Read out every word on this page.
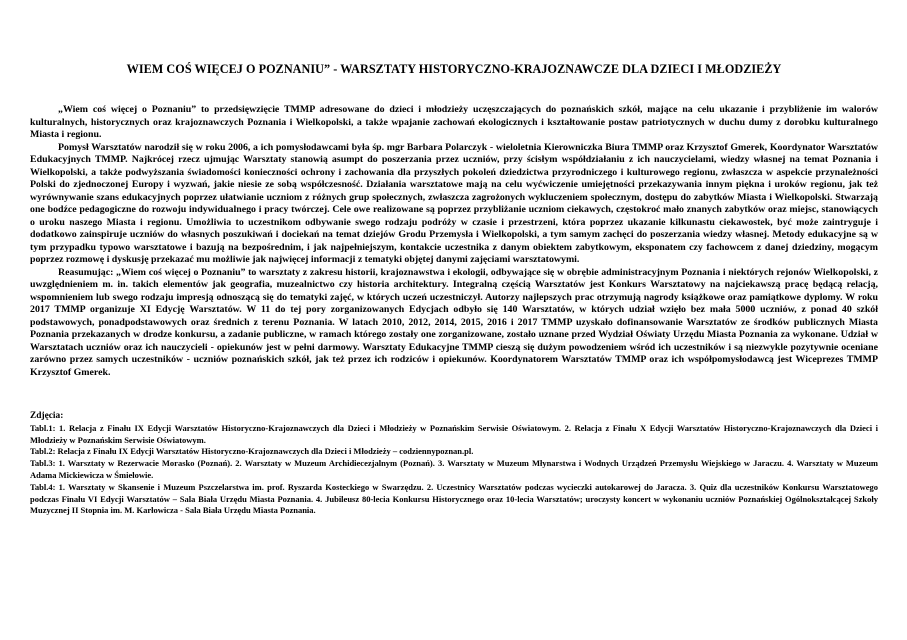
WIEM COŚ WIĘCEJ O POZNANIU” - WARSZTATY HISTORYCZNO-KRAJOZNAWCZE DLA DZIECI I MŁODZIEŻY

„Wiem coś więcej o Poznaniu” to przedsięwzięcie TMMP adresowane do dzieci i młodzieży uczęszczających do poznańskich szkół, mające na celu ukazanie i przybliżenie im walorów kulturalnych, historycznych oraz krajoznawczych Poznania i Wielkopolski, a także wpajanie zachowań ekologicznych i kształtowanie postaw patriotycznych w duchu dumy z dorobku kulturalnego Miasta i regionu.

Pomysł Warsztatów narodził się w roku 2006, a ich pomysłodawcami była śp. mgr Barbara Polarczyk - wieloletnia Kierowniczka Biura TMMP oraz Krzysztof Gmerek, Koordynator Warsztatów Edukacyjnych TMMP. Najkrócej rzecz ujmując Warsztaty stanowią asumpt do poszerzania przez uczniów, przy ścisłym współdziałaniu z ich nauczycielami, wiedzy własnej na temat Poznania i Wielkopolski, a także podwyższania świadomości konieczności ochrony i zachowania dla przyszłych pokoleń dziedzictwa przyrodniczego i kulturowego regionu, zwłaszcza w aspekcie przynależności Polski do zjednoczonej Europy i wyzwań, jakie niesie ze sobą współczesność. Działania warsztatowe mają na celu wyćwiczenie umiejętności przekazywania innym piękna i uroków regionu, jak też wyrównywanie szans edukacyjnych poprzez ułatwianie uczniom z różnych grup społecznych, zwłaszcza zagrożonych wykluczeniem społecznym, dostępu do zabytków Miasta i Wielkopolski. Stwarzają one bodźce pedagogiczne do rozwoju indywidualnego i pracy twórczej. Cele owe realizowane są poprzez przybliżanie uczniom ciekawych, częstokroć mało znanych zabytków oraz miejsc, stanowiących o uroku naszego Miasta i regionu. Umożliwia to uczestnikom odbywanie swego rodzaju podróży w czasie i przestrzeni, która poprzez ukazanie kilkunastu ciekawostek, być może zaintryguje i dodatkowo zainspiruje uczniów do własnych poszukiwań i dociekań na temat dziejów Grodu Przemysła i Wielkopolski, a tym samym zachęci do poszerzania wiedzy własnej. Metody edukacyjne są w tym przypadku typowo warsztatowe i bazują na bezpośrednim, i jak najpełniejszym, kontakcie uczestnika z danym obiektem zabytkowym, eksponatem czy fachowcem z danej dziedziny, mogącym poprzez rozmowę i dyskusję przekazać mu możliwie jak najwięcej informacji z tematyki objętej danymi zajęciami warsztatowymi.

Reasumując: „Wiem coś więcej o Poznaniu” to warsztaty z zakresu historii, krajoznawstwa i ekologii, odbywające się w obrębie administracyjnym Poznania i niektórych rejonów Wielkopolski, z uwzględnieniem m. in. takich elementów jak geografia, muzealnictwo czy historia architektury. Integralną częścią Warsztatów jest Konkurs Warsztatowy na najciekawszą pracę będącą relacją, wspomnieniem lub swego rodzaju impresją odnoszącą się do tematyki zajęć, w których uczeń uczestniczył. Autorzy najlepszych prac otrzymują nagrody książkowe oraz pamiątkowe dyplomy. W roku 2017 TMMP organizuje XI Edycję Warsztatów. W 11 do tej pory zorganizowanych Edycjach odbyło się 140 Warsztatów, w których udział wzięło bez mała 5000 uczniów, z ponad 40 szkół podstawowych, ponadpodstawowych oraz średnich z terenu Poznania. W latach 2010, 2012, 2014, 2015, 2016 i 2017 TMMP uzyskało dofinansowanie Warsztatów ze środków publicznych Miasta Poznania przekazanych w drodze konkursu, a zadanie publiczne, w ramach którego zostały one zorganizowane, zostało uznane przed Wydział Oświaty Urzędu Miasta Poznania za wykonane. Udział w Warsztatach uczniów oraz ich nauczycieli - opiekunów jest w pełni darmowy. Warsztaty Edukacyjne TMMP cieszą się dużym powodzeniem wśród ich uczestników i są niezwykle pozytywnie oceniane zarówno przez samych uczestników - uczniów poznańskich szkół, jak też przez ich rodziców i opiekunów. Koordynatorem Warsztatów TMMP oraz ich współpomysłodawcą jest Wiceprezes TMMP Krzysztof Gmerek.

Zdjęcia:
Tabl.1: 1. Relacja z Finału IX Edycji Warsztatów Historyczno-Krajoznawczych dla Dzieci i Młodzieży w Poznańskim Serwisie Oświatowym. 2. Relacja z Finału X Edycji Warsztatów Historyczno-Krajoznawczych dla Dzieci i Młodzieży w Poznańskim Serwisie Oświatowym.
Tabl.2: Relacja z Finału IX Edycji Warsztatów Historyczno-Krajoznawczych dla Dzieci i Młodzieży – codziennypoznan.pl.
Tabl.3: 1. Warsztaty w Rezerwacie Morasko (Poznań). 2. Warsztaty w Muzeum Archidiecezjalnym (Poznań). 3. Warsztaty w Muzeum Młynarstwa i Wodnych Urządzeń Przemysłu Wiejskiego w Jaraczu. 4. Warsztaty w Muzeum Adama Mickiewicza w Śmiełowie.
Tabl.4: 1. Warsztaty w Skansenie i Muzeum Pszczelarstwa im. prof. Ryszarda Kosteckiego w Swarzędzu. 2. Uczestnicy Warsztatów podczas wycieczki autokarowej do Jaracza. 3. Quiz dla uczestników Konkursu Warsztatowego podczas Finału VI Edycji Warsztatów – Sala Biała Urzędu Miasta Poznania. 4. Jubileusz 80-lecia Konkursu Historycznego oraz 10-lecia Warsztatów; uroczysty koncert w wykonaniu uczniów Poznańskiej Ogólnokształcącej Szkoły Muzycznej II Stopnia im. M. Karłowicza - Sala Biała Urzędu Miasta Poznania.
